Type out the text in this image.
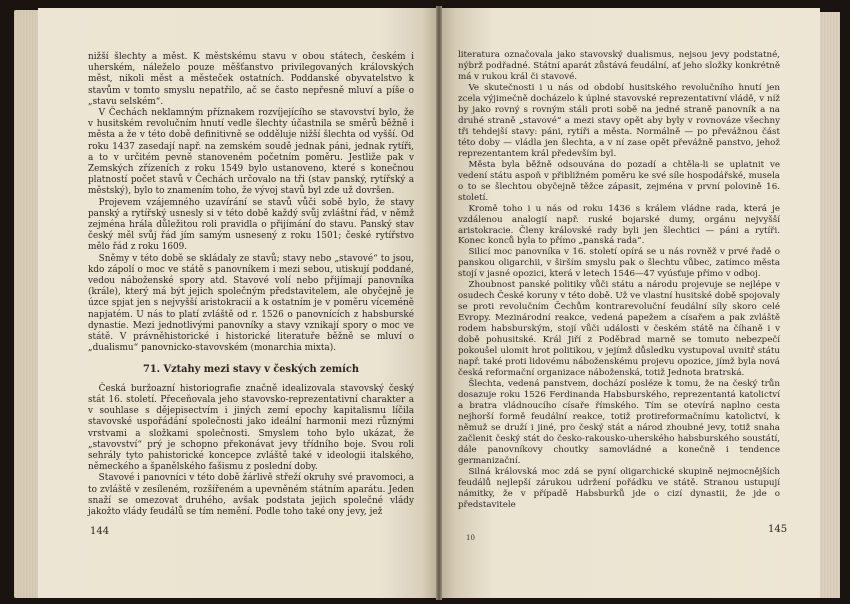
nižší šlechty a měst. K městskému stavu v obou státech, českém i uherském, náleželo pouze měšťanstvo privilegovaných královských měst, nikoli měst a městeček ostatních. Poddanské obyvatelstvo k stavům v tomto smyslu nepatřilo, ač se často nepřesně mluví a píše o „stavu selském“.

V Čechách neklamným příznakem rozvíjejícího se stavovství bylo, že v husitském revolučním hnutí vedle šlechty účastnila se směrů běžně i města a že v této době definitivně se odděluje nižší šlechta od vyšší. Od roku 1437 zasedají např. na zemském soudě jednak páni, jednak rytíři, a to v určitém pevně stanoveném početním poměru. Jestliže pak v Zemských zřízeních z roku 1549 bylo ustanoveno, které s konečnou platností počet stavů v Čechách určovalo na tři (stav panský, rytířský a městský), bylo to znamením toho, že vývoj stavů byl zde už dovršen.

Projevem vzájemného uzavírání se stavů vůči sobě bylo, že stavy panský a rytířský usnesly si v této době každý svůj zvláštní řád, v němž zejména hrála důležitou roli pravidla o přijímání do stavu. Panský stav český měl svůj řád jím samým usnesený z roku 1501; české rytířstvo mělo řád z roku 1609.

Sněmy v této době se skládaly ze stavů; stavy nebo „stavové“ to jsou, kdo zápolí o moc ve státě s panovníkem i mezi sebou, utiskují poddané, vedou náboženské spory atd. Stavové volí nebo přijímají panovníka (krále), který má být jejich společným představitelem, ale obyčejně je úzce spjat jen s nejvyšší aristokracií a k ostatním je v poměru víceméně napjatém. U nás to platí zvláště od r. 1526 o panovnících z habsburské dynastie. Mezi jednotlivými panovníky a stavy vznikají spory o moc ve státě. V právněhistorické i historické literatuře běžně se mluví o „dualismu“ panovnicko-stavovském (monarchia mixta).

71. Vztahy mezi stavy v českých zemích

Česká buržoazní historiografie značně idealizovala stavovský český stát 16. století. Přeceňovala jeho stavovsko-reprezentativní charakter a v souhlase s dějepisectvím i jiných zemí epochy kapitalismu líčila stavovské uspořádání společnosti jako ideální harmonii mezi různými vrstvami a složkami společnosti. Smyslem toho bylo ukázat, že „stavovství“ prý je schopno překonávat jevy třídního boje. Svou roli sehrály tyto pahistorické koncepce zvláště také v ideologii italského, německého a španělského fašismu z poslední doby.

Stavové i panovníci v této době žárlivě střeží okruhy své pravomoci, a to zvláště v zesíleném, rozšířeném a upevněném státním aparátu. Jeden snaží se omezovat druhého, avšak podstata jejich společné vlády jakožto vlády feudálů se tím nemění. Podle toho také ony jevy, jež

144

literatura označovala jako stavovský dualismus, nejsou jevy podstatné, nýbrž podřadné. Státní aparát zůstává feudální, ať jeho složky konkrétně má v rukou král či stavové.

Ve skutečnosti i u nás od období husitského revolučního hnutí jen zcela výjimečně docházelo k úplné stavovské reprezentativní vládě, v níž by jako rovný s rovným stáli proti sobě na jedné straně panovník a na druhé straně „stavové“ a mezi stavy opět aby byly v rovnováze všechny tři tehdejší stavy: páni, rytíři a města. Normálně — po převážnou část této doby — vládla jen šlechta, a v ní zase opět převážně panstvo, jehož reprezentantem král především byl.

Města byla běžně odsouvána do pozadí a chtěla-li se uplatnit ve vedení státu aspoň v přibližném poměru ke své síle hospodářské, musela o to se šlechtou obyčejně těžce zápasit, zejména v první polovině 16. století.

Kromě toho i u nás od roku 1436 s králem vládne rada, která je vzdálenou analogií např. ruské bojarské dumy, orgánu nejvyšší aristokracie. Členy královské rady byli jen šlechtici — páni a rytíři. Konec konců byla to přímo „panská rada“.

Silicí moc panovníka v 16. století opírá se u nás rovněž v prvé řadě o panskou oligarchii, v širším smyslu pak o šlechtu vůbec, zatímco města stojí v jasné opozici, která v letech 1546—47 vyúsťuje přímo v odboj.

Zhoubnost panské politiky vůči státu a národu projevuje se nejlépe v osudech České koruny v této době. Už ve vlastní husitské době spojovaly se proti revolučním Čechům kontrarevoluční feudální síly skoro celé Evropy. Mezinárodní reakce, vedená papežem a císařem a pak zvláště rodem habsburským, stojí vůči události v českém státě na číhaně i v době pohusitské. Král Jiří z Poděbrad marně se tomuto nebezpečí pokoušel ulomit hrot politikou, v jejímž důsledku vystupoval uvnitř státu např. také proti lidovému náboženskému projevu opozice, jímž byla nová česká reformační organizace náboženská, totiž Jednota bratrská.

Šlechta, vedená panstvem, dochází posléze k tomu, že na český trůn dosazuje roku 1526 Ferdinanda Habsburského, reprezentantá katolictví a bratra vládnoucího císaře římského. Tím se otevírá naplno cesta nejhorší formě feudální reakce, totiž protireformačnímu katolictví, k němuž se druží i jiné, pro český stát a národ zhoubné jevy, totiž snaha začlenit český stát do česko-rakousko-uherského habsburského soustátí, dále panovníkovy choutky samovládné a konečně i tendence germanizační.

Silná královská moc zdá se pyní oligarchické skupině nejmocnějších feudálů nejlepší zárukou udržení pořádku ve státě. Stranou ustupují námitky, že v případě Habsburků jde o cizí dynastii, že jde o představitele

10
145
